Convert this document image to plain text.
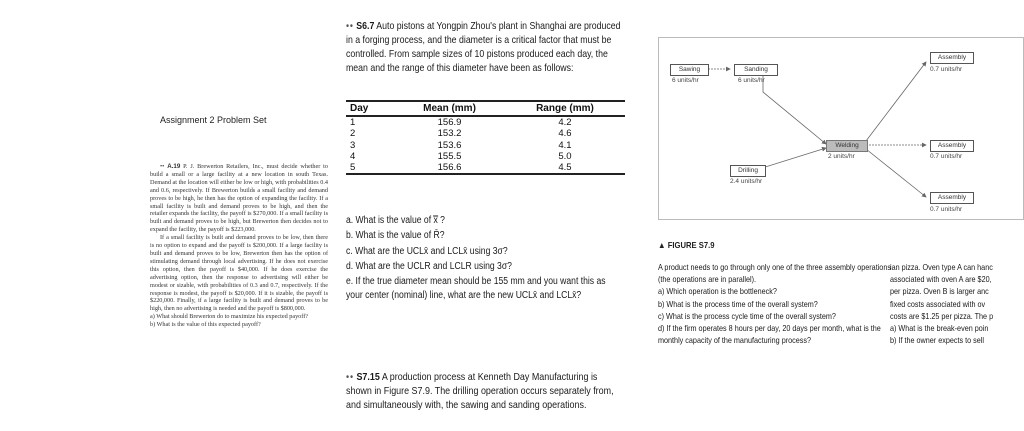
Assignment 2 Problem Set

•• A.19 P. J. Brewerton Retailers, Inc., must decide whether to build a small or a large facility at a new location in south Texas. Demand at the location will either be low or high, with probabilities 0.4 and 0.6, respectively. If Brewerton builds a small facility and demand proves to be high, he then has the option of expanding the facility. If a small facility is built and demand proves to be high, and then the retailer expands the facility, the payoff is $270,000. If a small facility is built and demand proves to be high, but Brewerton then decides not to expand the facility, the payoff is $223,000.

If a small facility is built and demand proves to be low, then there is no option to expand and the payoff is $200,000. If a large facility is built and demand proves to be low, Brewerton then has the option of stimulating demand through local advertising. If he does not exercise this option, then the payoff is $40,000. If he does exercise the advertising option, then the response to advertising will either be modest or sizable, with probabilities of 0.3 and 0.7, respectively. If the response is modest, the payoff is $20,000. If it is sizable, the payoff is $220,000. Finally, if a large facility is built and demand proves to be high, then no advertising is needed and the payoff is $800,000.

a) What should Brewerton do to maximize his expected payoff?

b) What is the value of this expected payoff?

•• S6.7 Auto pistons at Yongpin Zhou's plant in Shanghai are produced in a forging process, and the diameter is a critical factor that must be controlled. From sample sizes of 10 pistons produced each day, the mean and the range of this diameter have been as follows:

Day	Mean (mm)	Range (mm)
1	156.9	4.2
2	153.2	4.6
3	153.6	4.1
4	155.5	5.0
5	156.6	4.5

a. What is the value of x̿ ?

b. What is the value of R̄?

c. What are the UCLx̄ and LCLx̄ using 3σ?

d. What are the UCLR and LCLR using 3σ?

e. If the true diameter mean should be 155 mm and you want this as your center (nominal) line, what are the new UCLx̄ and LCLx̄?

•• S7.15 A production process at Kenneth Day Manufacturing is shown in Figure S7.9. The drilling operation occurs separately from, and simultaneously with, the sawing and sanding operations.

Sawing
6 units/hr
Sanding
6 units/hr
Welding
2 units/hr
Drilling
2.4 units/hr
Assembly
0.7 units/hr
Assembly
0.7 units/hr
Assembly
0.7 units/hr
▲ FIGURE S7.9

A product needs to go through only one of the three assembly operations (the operations are in parallel).

a) Which operation is the bottleneck?

b) What is the process time of the overall system?

c) What is the process cycle time of the overall system?

d) If the firm operates 8 hours per day, 20 days per month, what is the monthly capacity of the manufacturing process?

ian pizza. Oven type A can hanc

associated with oven A are $20,

per pizza. Oven B is larger anc

fixed costs associated with ov

costs are $1.25 per pizza. The p

a) What is the break-even poin

b) If the owner expects to sell
